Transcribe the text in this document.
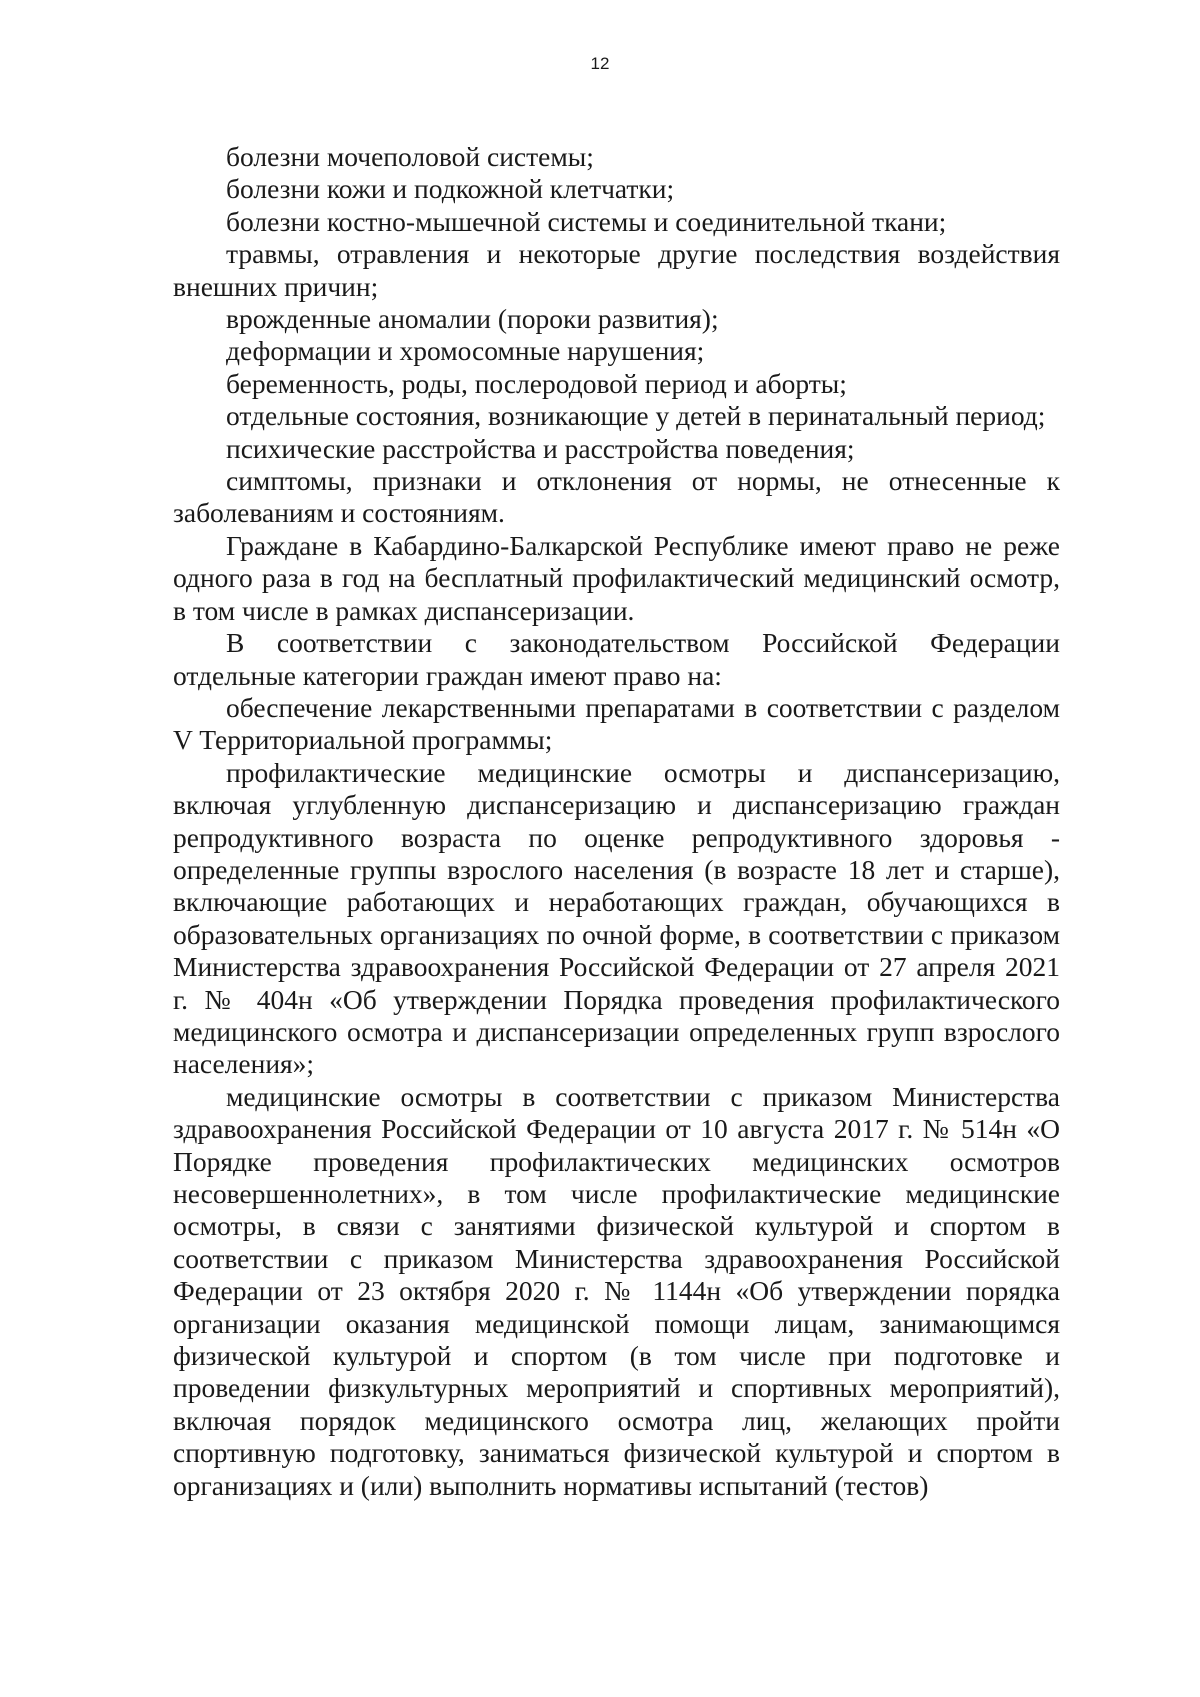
12

болезни мочеполовой системы;

болезни кожи и подкожной клетчатки;

болезни костно-мышечной системы и соединительной ткани;

травмы, отравления и некоторые другие последствия воздействия внешних причин;

врожденные аномалии (пороки развития);

деформации и хромосомные нарушения;

беременность, роды, послеродовой период и аборты;

отдельные состояния, возникающие у детей в перинатальный период;

психические расстройства и расстройства поведения;

симптомы, признаки и отклонения от нормы, не отнесенные к заболеваниям и состояниям.

Граждане в Кабардино-Балкарской Республике имеют право не реже одного раза в год на бесплатный профилактический медицинский осмотр, в том числе в рамках диспансеризации.

В соответствии с законодательством Российской Федерации отдельные категории граждан имеют право на:

обеспечение лекарственными препаратами в соответствии с разделом V Территориальной программы;

профилактические медицинские осмотры и диспансеризацию, включая углубленную диспансеризацию и диспансеризацию граждан репродуктивного возраста по оценке репродуктивного здоровья - определенные группы взрослого населения (в возрасте 18 лет и старше), включающие работающих и неработающих граждан, обучающихся в образовательных организациях по очной форме, в соответствии с приказом Министерства здравоохранения Российской Федерации от 27 апреля 2021 г. № 404н «Об утверждении Порядка проведения профилактического медицинского осмотра и диспансеризации определенных групп взрослого населения»;

медицинские осмотры в соответствии с приказом Министерства здравоохранения Российской Федерации от 10 августа 2017 г. № 514н «О Порядке проведения профилактических медицинских осмотров несовершеннолетних», в том числе профилактические медицинские осмотры, в связи с занятиями физической культурой и спортом в соответствии с приказом Министерства здравоохранения Российской Федерации от 23 октября 2020 г. № 1144н «Об утверждении порядка организации оказания медицинской помощи лицам, занимающимся физической культурой и спортом (в том числе при подготовке и проведении физкультурных мероприятий и спортивных мероприятий), включая порядок медицинского осмотра лиц, желающих пройти спортивную подготовку, заниматься физической культурой и спортом в организациях и (или) выполнить нормативы испытаний (тестов)
